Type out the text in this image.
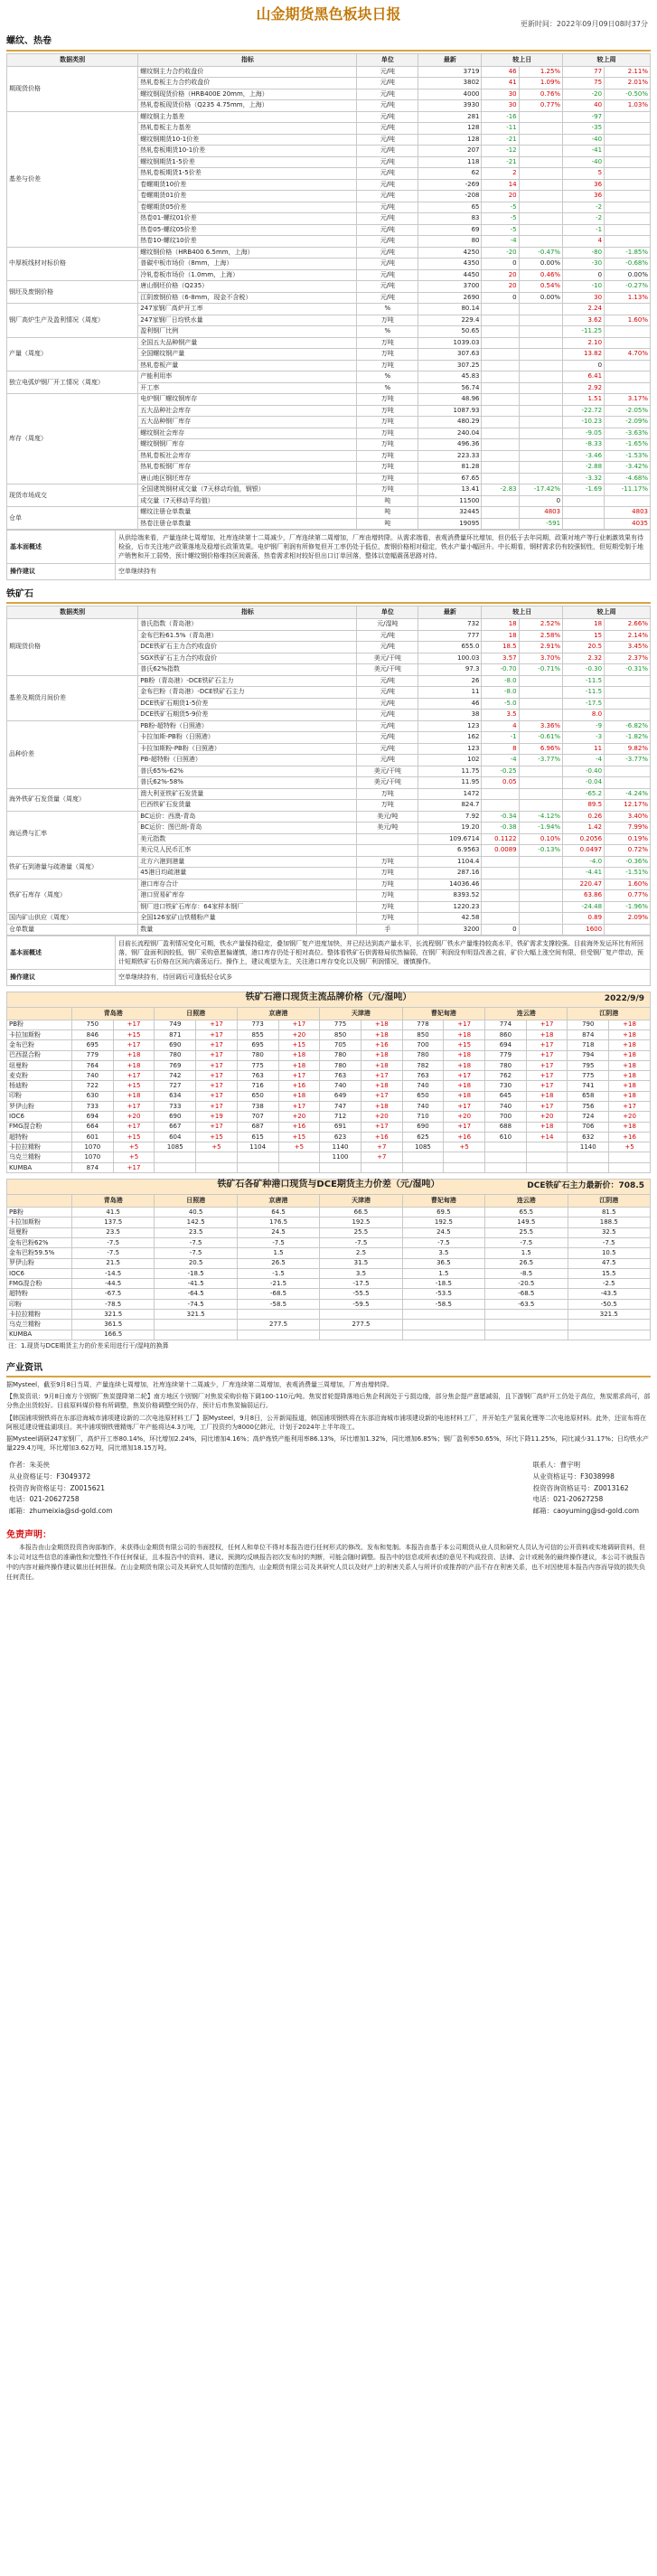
山金期货黑色板块日报
更新时间：2022年09月09日08时37分
螺纹、热卷
数据类别	指标	单位	最新	较上日		较上周	
期现货价格	螺纹钢主力合约收盘价	元/吨	3719	46	1.25%	77	2.11%
	热轧卷板主力合约收盘价	元/吨	3802	41	1.09%	75	2.01%
	螺纹钢现货价格（HRB400E 20mm，上海）	元/吨	4000	30	0.76%	-20	-0.50%
	热轧卷板现货价格（Q235 4.75mm，上海）	元/吨	3930	30	0.77%	40	1.03%
基差与价差	螺纹钢主力基差	元/吨	281	-16		-97	
	热轧卷板主力基差	元/吨	128	-11		-35	
	螺纹钢期货10-1价差	元/吨	128	-21		-40	
	热轧卷板期货10-1价差	元/吨	207	-12		-41	
	螺纹钢期货1-5价差	元/吨	118	-21		-40	
	热轧卷板期货1-5价差	元/吨	62	2		5	
	卷螺期货10价差	元/吨	-269	14		36	
	卷螺期货01价差	元/吨	-208	20		36	
	卷螺期货05价差	元/吨	65	-5		-2	
	热卷01-螺纹01价差	元/吨	83	-5		-2	
	热卷05-螺纹05价差	元/吨	69	-5		-1	
	热卷10-螺纹10价差	元/吨	80	-4		4	
中厚板线材对标价格	螺纹钢价格（HRB400 6.5mm，上海）	元/吨	4250	-20	-0.47%	-80	-1.85%
	普碳中板市场价（8mm，上海）	元/吨	4350	0	0.00%	-30	-0.68%
	冷轧卷板市场价（1.0mm，上海）	元/吨	4450	20	0.46%	0	0.00%
钢坯及废钢价格	唐山钢坯价格（Q235）	元/吨	3700	20	0.54%	-10	-0.27%
	江阴废钢价格（6-8mm，现金不含税）	元/吨	2690	0	0.00%	30	1.13%
钢厂高炉生产及盈利情况（周度）	247家钢厂高炉开工率	%	80.14			2.24	
	247家钢厂日均铁水量	万吨	229.4			3.62	1.60%
	盈利钢厂比例	%	50.65			-11.25	
产量（周度）	全国五大品种钢产量	万吨	1039.03			2.10	
	全国螺纹钢产量	万吨	307.63			13.82	4.70%
	热轧卷板产量	万吨	307.25			0	
独立电弧炉钢厂开工情况（周度）	产能利用率	%	45.83			6.41	
	开工率	%	56.74			2.92	
库存（周度）	电炉钢厂螺纹钢库存	万吨	48.96			1.51	3.17%
	五大品种社会库存	万吨	1087.93			-22.72	-2.05%
	五大品种钢厂库存	万吨	480.29			-10.23	-2.09%
	螺纹钢社会库存	万吨	240.04			-9.05	-3.63%
	螺纹钢钢厂库存	万吨	496.36			-8.33	-1.65%
	热轧卷板社会库存	万吨	223.33			-3.46	-1.53%
	热轧卷板钢厂库存	万吨	81.28			-2.88	-3.42%
	唐山地区钢坯库存	万吨	67.65			-3.32	-4.68%
现货市场成交	全国建筑钢材成交量（7天移动均值，钢银）	万吨	13.41	-2.83	-17.42%	-1.69	-11.17%
	成交量（7天移动平均值）	吨	11500		0		
仓单	螺纹注册仓单数量	吨	32445		4803		4803
	热卷注册仓单数量	吨	19095		-591		4035
基本面概述	从供给端来看，产量连续七周增加，社库连续第十二周减少，厂库连续第二周增加，厂库由增转降。从需求端看，表观消费量环比增加，但仍低于去年同期，政策对地产等行业刺激效果有待检验，后市关注地产政策落地及稳增长政策效果。电炉钢厂利润有所修复但开工率仍处于低位，废钢价格相对稳定，铁水产量小幅回升。中长期看，钢材需求仍有较强韧性，但短期受制于地产销售和开工弱势，预计螺纹钢价格维持区间震荡，热卷需求相对较好但出口订单回落，整体以宽幅震荡思路对待。
操作建议	空单继续持有
铁矿石
数据类别	指标	单位	最新	较上日		较上周	
期现货价格	普氏指数（青岛港）	元/湿吨	732	18	2.52%	18	2.66%
	金布巴粉61.5%（青岛港）	元/吨	777	18	2.58%	15	2.14%
	DCE铁矿石主力合约收盘价	元/吨	655.0	18.5	2.91%	20.5	3.45%
	SGX铁矿石主力合约收盘价	美元/干吨	100.03	3.57	3.70%	2.32	2.37%
	普氏62%指数	美元/干吨	97.3	-0.70	-0.71%	-0.30	-0.31%
基差及期货月间价差	PB粉（青岛港）-DCE铁矿石主力	元/吨	26	-8.0		-11.5	
	金布巴粉（青岛港）-DCE铁矿石主力	元/吨	11	-8.0		-11.5	
	DCE铁矿石期货1-5价差	元/吨	46	-5.0		-17.5	
	DCE铁矿石期货5-9价差	元/吨	38	3.5		8.0	
品种价差	PB粉-超特粉（日照港）	元/吨	123	4	3.36%	-9	-6.82%
	卡拉加斯-PB粉（日照港）	元/吨	162	-1	-0.61%	-3	-1.82%
	卡拉加斯粉-PB粉（日照港）	元/吨	123	8	6.96%	11	9.82%
	PB-超特粉（日照港）	元/吨	102	-4	-3.77%	-4	-3.77%
	普氏65%-62%	美元/干吨	11.75	-0.25		-0.40	
	普氏62%-58%	美元/干吨	11.95	0.05		-0.04	
海外铁矿石发货量（周度）	澳大利亚铁矿石发货量	万吨	1472			-65.2	-4.24%
	巴西铁矿石发货量	万吨	824.7			89.5	12.17%
海运费与汇率	BC运价：西澳-青岛	美元/吨	7.92	-0.34	-4.12%	0.26	3.40%
	BC运价：图巴朗-青岛	美元/吨	19.20	-0.38	-1.94%	1.42	7.99%
	美元指数		109.6714	0.1122	0.10%	0.2056	0.19%
	美元兑人民币汇率		6.9563	0.0089	-0.13%	0.0497	0.72%
铁矿石到港量与疏港量（周度）	北方六港到港量	万吨	1104.4			-4.0	-0.36%
	45港日均疏港量	万吨	287.16			-4.41	-1.51%
铁矿石库存（周度）	港口库存合计	万吨	14036.46			220.47	1.60%
	港口贸易矿库存	万吨	8393.52			63.86	0.77%
	钢厂进口铁矿石库存：64家样本钢厂	万吨	1220.23			-24.48	-1.96%
国内矿山供应（周度）	全国126家矿山铁精粉产量	万吨	42.58			0.89	2.09%
仓单数量	数量	手	3200	0		1600	
基本面概述	目前长流程钢厂盈利情况变化可期，铁水产量保持稳定，叠加钢厂复产进度加快，并已经达到高产量水平，长流程钢厂铁水产量维持较高水平，铁矿需求支撑较强。目前海外发运环比有所回落，钢厂盘面利润较低，钢厂采购意愿偏谨慎，港口库存仍处于相对高位。整体看铁矿石供需格局依然偏弱，在钢厂利润没有明显改善之前，矿价大幅上涨空间有限，但受钢厂复产带动，预计短期铁矿石价格在区间内震荡运行。操作上，建议观望为主，关注港口库存变化以及钢厂利润情况，谨慎操作。
操作建议	空单继续持有，待回调后可逢低轻仓试多
铁矿石港口现货主流品牌价格（元/湿吨）	2022/9/9
	青岛港		日照港		京唐港		天津港		曹妃甸港		连云港		江阴港	
PB粉	750	+17	749	+17	773	+17	775	+18	778	+17	774	+17	790	+18
卡拉加斯粉	846	+15	871	+17	855	+20	850	+18	850	+18	860	+18	874	+18
金布巴粉	695	+17	690	+17	695	+15	705	+16	700	+15	694	+17	718	+18
巴西混合粉	779	+18	780	+17	780	+18	780	+18	780	+18	779	+17	794	+18
纽曼粉	764	+18	769	+17	775	+18	780	+18	782	+18	780	+17	795	+18
麦克粉	740	+17	742	+17	763	+17	763	+17	763	+17	762	+17	775	+18
杨迪粉	722	+15	727	+17	716	+16	740	+18	740	+18	730	+17	741	+18
印粉	630	+18	634	+17	650	+18	649	+17	650	+18	645	+18	658	+18
罗伊山粉	733	+17	733	+17	738	+17	747	+18	740	+17	740	+17	756	+17
IOC6	694	+20	690	+19	707	+20	712	+20	710	+20	700	+20	724	+20
FMG混合粉	664	+17	667	+17	687	+16	691	+17	690	+17	688	+18	706	+18
超特粉	601	+15	604	+15	615	+15	623	+16	625	+16	610	+14	632	+16
卡拉拉精粉	1070	+5	1085	+5	1104	+5	1140	+7	1085	+5			1140	+5
乌克兰精粉	1070	+5					1100	+7						
KUMBA	874	+17												
铁矿石各矿种港口现货与DCE期货主力价差（元/湿吨）	DCE铁矿石主力最新价：708.5
	青岛港	日照港	京唐港	天津港	曹妃甸港	连云港	江阴港
PB粉	41.5	40.5	64.5	66.5	69.5	65.5	81.5
卡拉加斯粉	137.5	142.5	176.5	192.5	192.5	149.5	188.5
纽曼粉	23.5	23.5	24.5	25.5	24.5	25.5	32.5
金布巴粉62%	-7.5	-7.5	-7.5	-7.5	-7.5	-7.5	-7.5
金布巴粉59.5%	-7.5	-7.5	1.5	2.5	3.5	1.5	10.5
罗伊山粉	21.5	20.5	26.5	31.5	36.5	26.5	47.5
IOC6	-14.5	-18.5	-1.5	3.5	1.5	-8.5	15.5
FMG混合粉	-44.5	-41.5	-21.5	-17.5	-18.5	-20.5	-2.5
超特粉	-67.5	-64.5	-68.5	-55.5	-53.5	-68.5	-43.5
印粉	-78.5	-74.5	-58.5	-59.5	-58.5	-63.5	-50.5
卡拉拉精粉	321.5	321.5					321.5
乌克兰精粉	361.5		277.5	277.5			
KUMBA	166.5						
注：1.现货与DCE期货主力的价差采用进行干/湿吨的换算
产业资讯

据Mysteel，截至9月8日当周，产量连续七周增加，社库连续第十二周减少，厂库连续第二周增加，表观消费量三周增加，厂库由增转降。

【焦炭资讯：9月8日南方个别钢厂焦炭提降第二轮】南方地区个别钢厂对焦炭采购价格下调100-110元/吨。焦炭首轮提降落地后焦企利润处于亏损边缘，部分焦企提产意愿减弱，且下游钢厂高炉开工仍处于高位，焦炭需求尚可，部分焦企出货较好。目前原料煤价格有所调整，焦炭价格调整空间仍存，预计后市焦炭偏弱运行。

【韩国浦项钢铁将在东部沿海城市浦项建设新的二次电池原材料工厂】据Mysteel，9月8日，公开新闻报道，韩国浦项钢铁将在东部沿海城市浦项建设新的电池材料工厂，并开始生产氢氧化锂等二次电池原材料。此外，还宣布将在阿根廷建设锂盐湖项目。其中浦项钢铁锂精炼厂年产能将达4.3万吨，工厂投资约为8000亿韩元，计划于2024年上半年竣工。

据Mysteel调研247家钢厂，高炉开工率80.14%，环比增加2.24%，同比增加4.16%；高炉炼铁产能利用率86.13%，环比增加1.32%，同比增加6.85%；钢厂盈利率50.65%，环比下降11.25%，同比减少31.17%；日均铁水产量229.4万吨，环比增加3.62万吨，同比增加18.15万吨。

作者：朱美侠
从业资格证号：F3049372
投资咨询资格证号：Z0015621
电话：021-20627258
邮箱：zhumeixia@sd-gold.com
联系人：曹宇明
从业资格证号：F3038998
投资咨询资格证号：Z0013162
电话：021-20627258
邮箱：caoyuming@sd-gold.com
免责声明：
本报告由山金期货投资咨询部制作，未获得山金期货有限公司的书面授权，任何人和单位不得对本报告进行任何形式的修改、发布和复制。本报告由基于本公司期货从业人员和研究人员认为可信的公开资料或实地调研资料，但本公司对这些信息的准确性和完整性不作任何保证，且本报告中的资料、建议、预测均反映报告初次发布时的判断，可能会随时调整。报告中的信息或所表述的意见不构成投资、法律、会计或税务的最终操作建议，本公司不就报告中的内容对最终操作建议做出任何担保。在山金期货有限公司及其研究人员知情的范围内，山金期货有限公司及其研究人员以及财产上的利害关系人与所评价或推荐的产品不存在利害关系，也不对因使用本报告内容而导致的损失负任何责任。
